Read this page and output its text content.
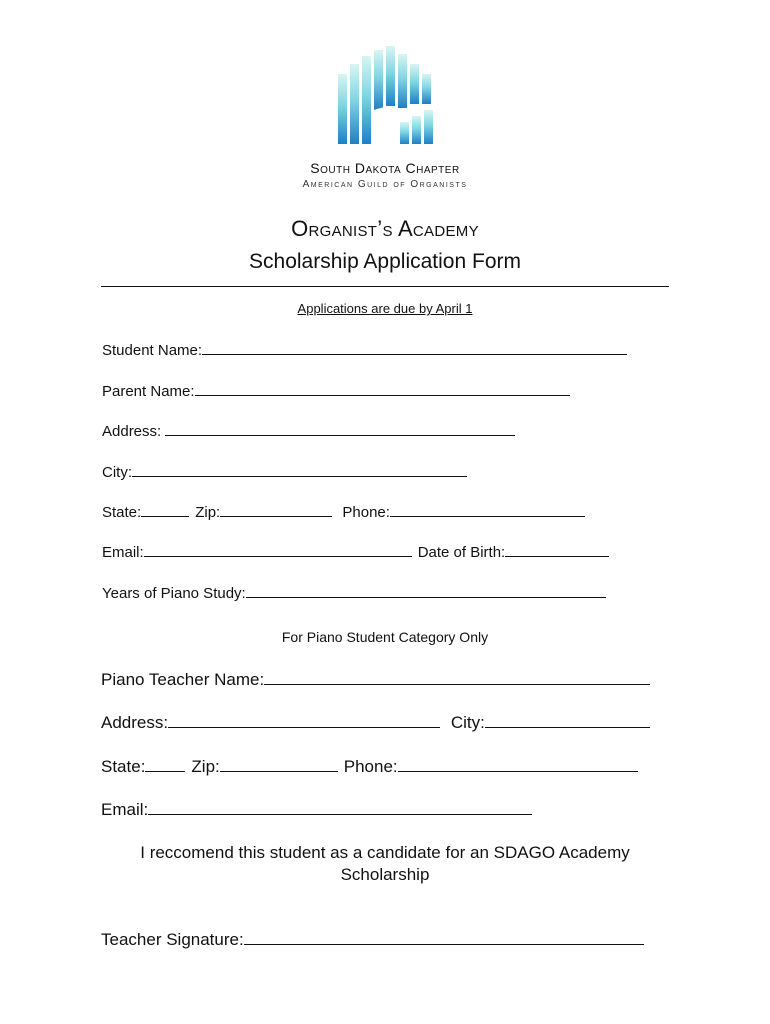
South Dakota Chapter
American Guild of Organists
Organist’s Academy
Scholarship Application Form
Applications are due by April 1
Student Name:
Parent Name:
Address:
City:
State:	Zip:	Phone:
Email:	Date of Birth:
Years of Piano Study:
For Piano Student Category Only
Piano Teacher Name:
Address:	City:
State:	Zip:	Phone:
Email:
I reccomend this student as a candidate for an SDAGO Academy Scholarship
Teacher Signature:
